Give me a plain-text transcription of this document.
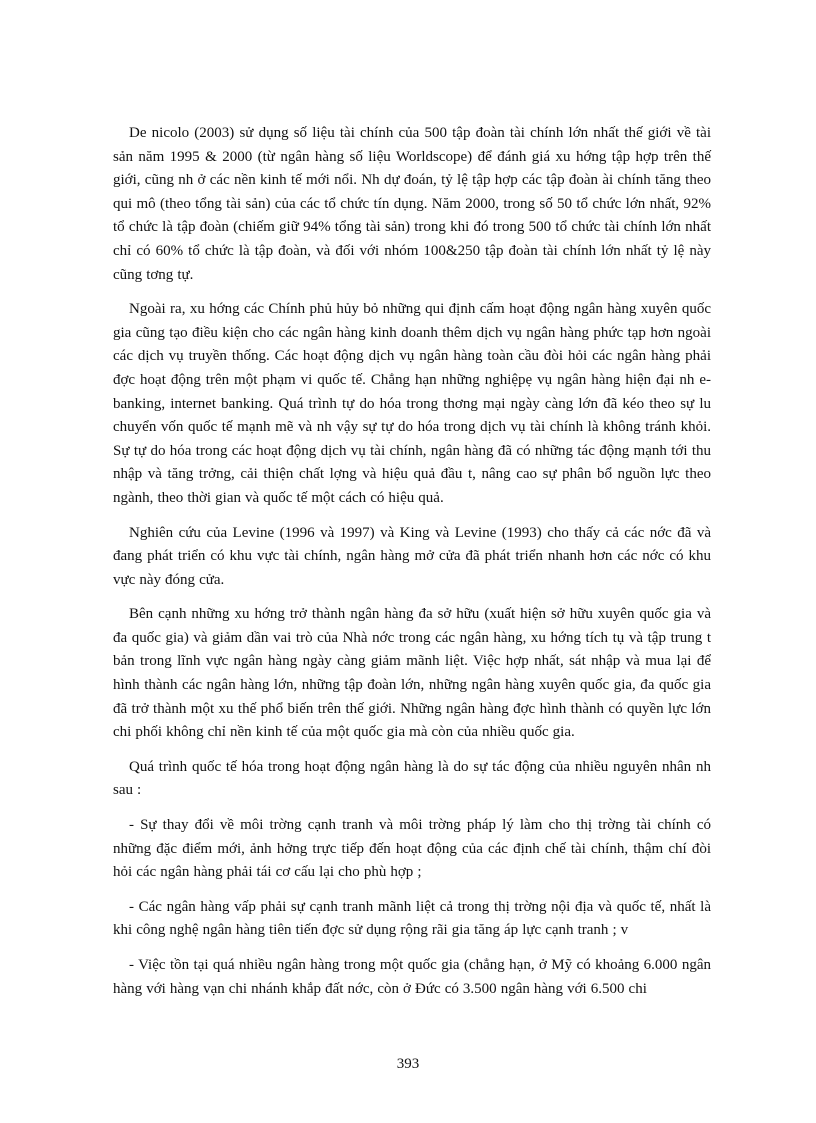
De nicolo (2003) sử dụng số liệu tài chính của 500 tập đoàn tài chính lớn nhất thế giới về tài sản năm 1995 & 2000 (từ ngân hàng số liệu Worldscope) để đánh giá xu hớng tập hợp trên thế giới, cũng nh ở các nền kinh tế mới nổi. Nh dự đoán, tỷ lệ tập hợp các tập đoàn ài chính tăng theo qui mô (theo tổng tài sản) của các tổ chức tín dụng. Năm 2000, trong số 50 tổ chức lớn nhất, 92% tổ chức là tập đoàn (chiếm giữ 94% tổng tài sản) trong khi đó trong 500 tổ chức tài chính lớn nhất chỉ có 60% tổ chức là tập đoàn, và đối với nhóm 100&250 tập đoàn tài chính lớn nhất tỷ lệ này cũng tơng tự.

Ngoài ra, xu hớng các Chính phủ hủy bỏ những qui định cấm hoạt động ngân hàng xuyên quốc gia cũng tạo điều kiện cho các ngân hàng kinh doanh thêm dịch vụ ngân hàng phức tạp hơn ngoài các dịch vụ truyền thống. Các hoạt động dịch vụ ngân hàng toàn cầu đòi hỏi các ngân hàng phải đợc hoạt động trên một phạm vi quốc tế. Chẳng hạn những nghiệpẹ vụ ngân hàng hiện đại nh e-banking, internet banking. Quá trình tự do hóa trong thơng mại ngày càng lớn đã kéo theo sự lu chuyển vốn quốc tế mạnh mẽ và nh vậy sự tự do hóa trong dịch vụ tài chính là không tránh khỏi. Sự tự do hóa trong các hoạt động dịch vụ tài chính, ngân hàng đã có những tác động mạnh tới thu nhập và tăng trởng, cải thiện chất lợng và hiệu quả đầu t, nâng cao sự phân bổ nguồn lực theo ngành, theo thời gian và quốc tế một cách có hiệu quả.

Nghiên cứu của Levine (1996 và 1997) và King và Levine (1993) cho thấy cả các nớc đã và đang phát triển có khu vực tài chính, ngân hàng mở cửa đã phát triển nhanh hơn các nớc có khu vực này đóng cửa.

Bên cạnh những xu hớng trở thành ngân hàng đa sở hữu (xuất hiện sở hữu xuyên quốc gia và đa quốc gia) và giảm dần vai trò của Nhà nớc trong các ngân hàng, xu hớng tích tụ và tập trung t bản trong lĩnh vực ngân hàng ngày càng giảm mãnh liệt. Việc hợp nhất, sát nhập và mua lại để hình thành các ngân hàng lớn, những tập đoàn lớn, những ngân hàng xuyên quốc gia, đa quốc gia đã trở thành một xu thế phổ biến trên thế giới. Những ngân hàng đợc hình thành có quyền lực lớn chi phối không chỉ nền kinh tế của một quốc gia mà còn của nhiều quốc gia.

Quá trình quốc tế hóa trong hoạt động ngân hàng là do sự tác động của nhiều nguyên nhân nh sau :

- Sự thay đổi về môi trờng cạnh tranh và môi trờng pháp lý làm cho thị trờng tài chính có những đặc điểm mới, ảnh hởng trực tiếp đến hoạt động của các định chế tài chính, thậm chí đòi hỏi các ngân hàng phải tái cơ cấu lại cho phù hợp ;

- Các ngân hàng vấp phải sự cạnh tranh mãnh liệt cả trong thị trờng nội địa và quốc tế, nhất là khi công nghệ ngân hàng tiên tiến đợc sử dụng rộng rãi gia tăng áp lực cạnh tranh ; v

- Việc tồn tại quá nhiều ngân hàng trong một quốc gia (chẳng hạn, ở Mỹ có khoảng 6.000 ngân hàng với hàng vạn chi nhánh khắp đất nớc, còn ở Đức có 3.500 ngân hàng với 6.500 chi

393
